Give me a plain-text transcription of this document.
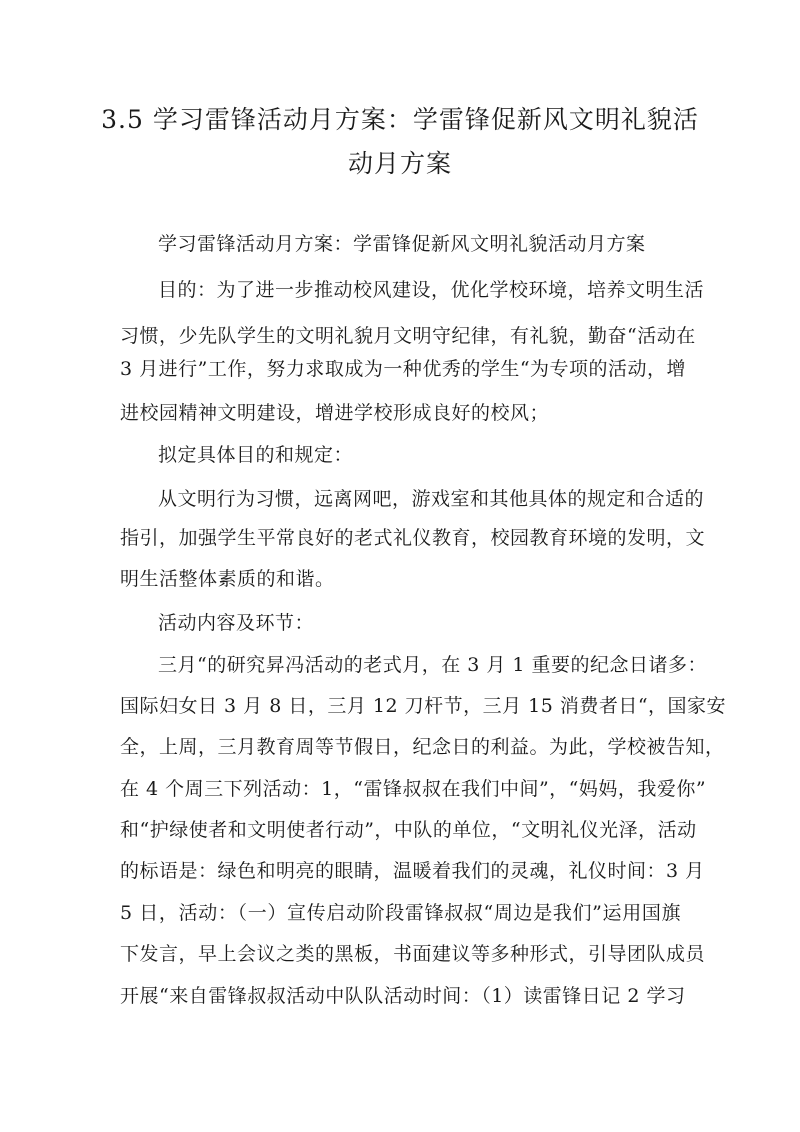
3.5 学习雷锋活动月方案：学雷锋促新风文明礼貌活
动月方案

学习雷锋活动月方案：学雷锋促新风文明礼貌活动月方案

目的：为了进一步推动校风建设，优化学校环境，培养文明生活

习惯，少先队学生的文明礼貌月文明守纪律，有礼貌，勤奋“活动在

3 月进行”工作，努力求取成为一种优秀的学生“为专项的活动，增

进校园精神文明建设，增进学校形成良好的校风；

拟定具体目的和规定：

从文明行为习惯，远离网吧，游戏室和其他具体的规定和合适的

指引，加强学生平常良好的老式礼仪教育，校园教育环境的发明，文

明生活整体素质的和谐。

活动内容及环节：

三月“的研究昇冯活动的老式月，在 3 月 1 重要的纪念日诸多：

国际妇女日 3 月 8 日，三月 12 刀杆节，三月 15 消费者日“，国家安

全，上周，三月教育周等节假日，纪念日的利益。为此，学校被告知，

在 4 个周三下列活动：1，“雷锋叔叔在我们中间”，“妈妈，我爱你”

和“护绿使者和文明使者行动”，中队的单位，“文明礼仪光泽，活动

的标语是：绿色和明亮的眼睛，温暖着我们的灵魂，礼仪时间：3 月

5 日，活动：（一）宣传启动阶段雷锋叔叔“周边是我们”运用国旗

下发言，早上会议之类的黑板，书面建议等多种形式，引导团队成员

开展“来自雷锋叔叔活动中队队活动时间：（1）读雷锋日记 2 学习
